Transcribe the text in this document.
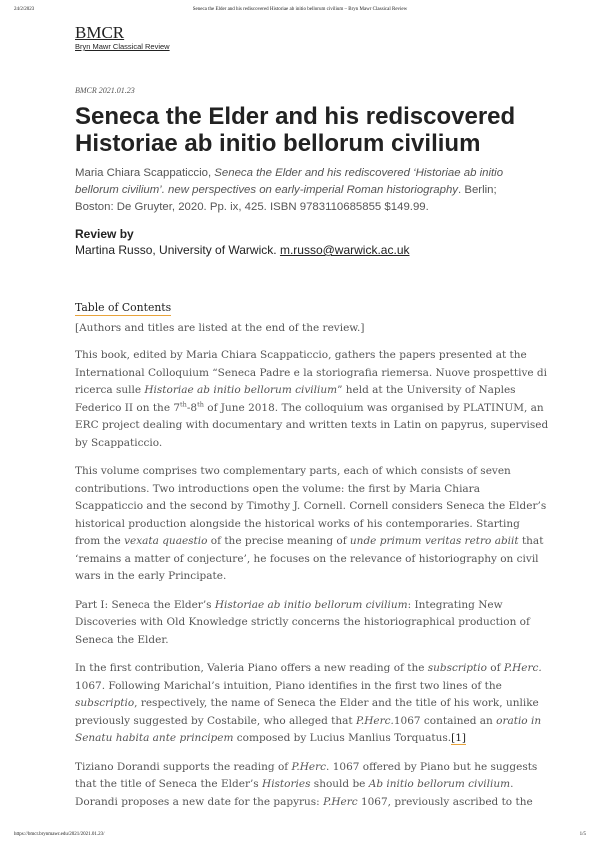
24/2/2023	Seneca the Elder and his rediscovered Historiae ab initio bellorum civilium – Bryn Mawr Classical Review
BMCR
Bryn Mawr Classical Review

BMCR 2021.01.23

Seneca the Elder and his rediscovered
Historiae ab initio bellorum civilium

Maria Chiara Scappaticcio, Seneca the Elder and his rediscovered ‘Historiae ab initio
bellorum civilium’. new perspectives on early-imperial Roman historiography. Berlin;
Boston: De Gruyter, 2020. Pp. ix, 425. ISBN 9783110685855 $149.99.

Review by

Martina Russo, University of Warwick. m.russo@warwick.ac.uk

Table of Contents

[Authors and titles are listed at the end of the review.]

This book, edited by Maria Chiara Scappaticcio, gathers the papers presented at the
International Colloquium “Seneca Padre e la storiografia riemersa. Nuove prospettive di
ricerca sulle Historiae ab initio bellorum civilium” held at the University of Naples
Federico II on the 7th-8th of June 2018. The colloquium was organised by PLATINUM, an
ERC project dealing with documentary and written texts in Latin on papyrus, supervised
by Scappaticcio.

This volume comprises two complementary parts, each of which consists of seven
contributions. Two introductions open the volume: the first by Maria Chiara
Scappaticcio and the second by Timothy J. Cornell. Cornell considers Seneca the Elder’s
historical production alongside the historical works of his contemporaries. Starting
from the vexata quaestio of the precise meaning of unde primum veritas retro abiit that
‘remains a matter of conjecture’, he focuses on the relevance of historiography on civil
wars in the early Principate.

Part I: Seneca the Elder’s Historiae ab initio bellorum civilium: Integrating New
Discoveries with Old Knowledge strictly concerns the historiographical production of
Seneca the Elder.

In the first contribution, Valeria Piano offers a new reading of the subscriptio of P.Herc.
1067. Following Marichal’s intuition, Piano identifies in the first two lines of the
subscriptio, respectively, the name of Seneca the Elder and the title of his work, unlike
previously suggested by Costabile, who alleged that P.Herc.1067 contained an oratio in
Senatu habita ante principem composed by Lucius Manlius Torquatus.[1]

Tiziano Dorandi supports the reading of P.Herc. 1067 offered by Piano but he suggests
that the title of Seneca the Elder’s Histories should be Ab initio bellorum civilium.
Dorandi proposes a new date for the papyrus: P.Herc 1067, previously ascribed to the

https://bmcr.brynmawr.edu/2021/2021.01.23/	1/5
